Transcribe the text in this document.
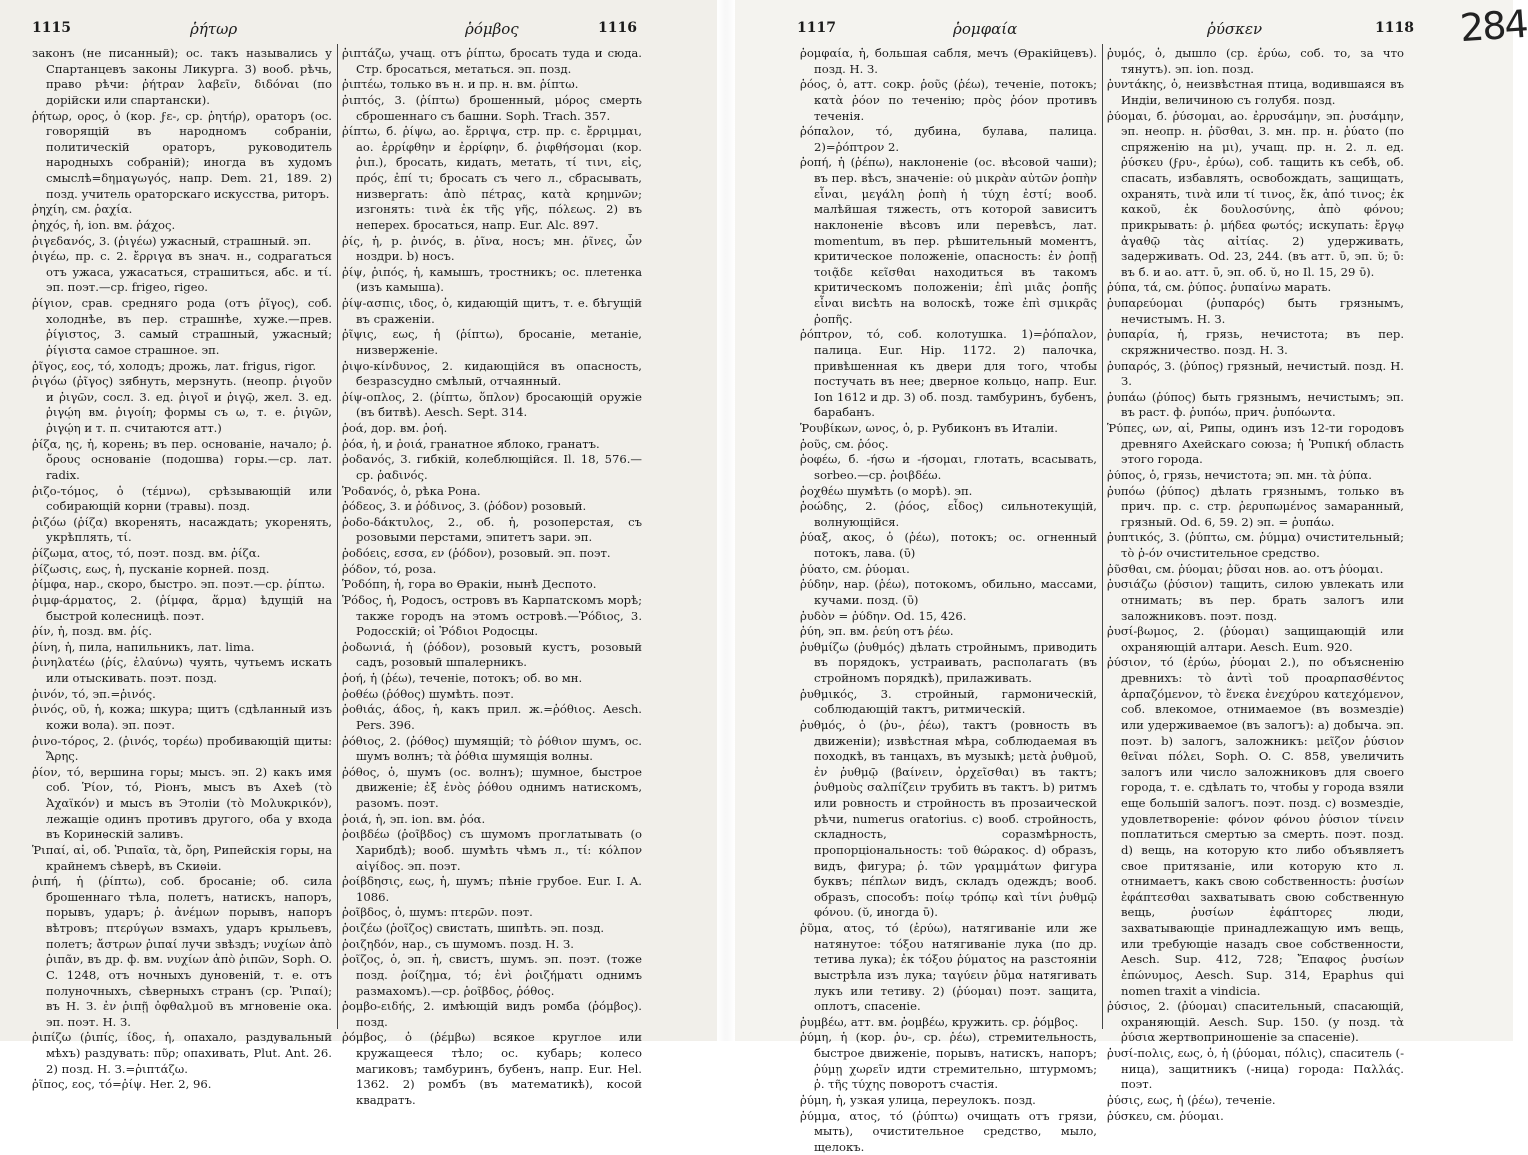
1115	ῥήτωρ	ῥόμβος	1116

законъ (не писанный); ос. такъ назывались у Спартанцевъ законы Ликурга. 3) вооб. рѣчь, право рѣчи: ῥήτραν λαβεῖν, διδόναι (по дорійски или спартански).

ῥήτωρ, ορος, ὁ (кор. ϝε-, ср. ῥητήρ), ораторъ (ос. говорящій въ народномъ собраніи, политическій ораторъ, руководитель народныхъ собраній); иногда въ худомъ смыслѣ=δημαγωγός, напр. Dem. 21, 189. 2) позд. учитель ораторскаго искусства, риторъ.

ῥηχίη, см. ῥαχία.

ῥηχός, ἡ, ion. вм. ῥάχος.

ῥιγεδανός, 3. (ῥιγέω) ужасный, страшный. эп.

ῥιγέω, пр. с. 2. ἔρριγα въ знач. н., содрагаться отъ ужаса, ужасаться, страшиться, абс. и τί. эп. поэт.—ср. frigeo, rigeo.

ῥίγιον, срав. средняго рода (отъ ῥῖγος), соб. холоднѣе, въ пер. страшнѣе, хуже.—прев. ῥίγιστος, 3. самый страшный, ужасный; ῥίγιστα самое страшное. эп.

ῥῖγος, εος, τό, холодъ; дрожь, лат. frigus, rigor.

ῥιγόω (ῥῖγος) зябнуть, мерзнуть. (неопр. ῥιγοῦν и ῥιγῶν, сосл. 3. ед. ῥιγοῖ и ῥιγῷ, жел. 3. ед. ῥιγῴη вм. ῥιγοίη; формы съ ω, т. е. ῥιγῶν, ῥιγῴη и т. п. считаются атт.)

ῥίζα, ης, ἡ, корень; въ пер. основаніе, начало; ῥ. ὄρους основаніе (подошва) горы.—ср. лат. radix.

ῥιζο-τόμος, ὁ (τέμνω), срѣзывающій или собирающій корни (травы). позд.

ῥιζόω (ῥίζα) вкоренять, насаждать; укоренять, укрѣплять, τί.

ῥίζωμα, ατος, τό, поэт. позд. вм. ῥίζα.

ῥίζωσις, εως, ἡ, пусканіе корней. позд.

ῥίμφα, нар., скоро, быстро. эп. поэт.—ср. ῥίπτω.

ῥιμφ-άρματος, 2. (ῥίμφα, ἅρμα) ѣдущій на быстрой колесницѣ. поэт.

ῥίν, ἡ, позд. вм. ῥίς.

ῥίνη, ἡ, пила, напильникъ, лат. lima.

ῥινηλατέω (ῥίς, ἐλαύνω) чуять, чутьемъ искать или отыскивать. поэт. позд.

ῥινόν, τό, эп.=ῥινός.

ῥινός, οῦ, ἡ, кожа; шкура; щитъ (сдѣланный изъ кожи вола). эп. поэт.

ῥινο-τόρος, 2. (ῥινός, τορέω) пробивающій щиты: Ἄρης.

ῥίον, τό, вершина горы; мысъ. эп. 2) какъ имя соб. Ῥίον, τό, Ріонъ, мысъ въ Ахеѣ (τὸ Ἀχαϊκόν) и мысъ въ Этоліи (τὸ Μολυκρικόν), лежащіе одинъ противъ другого, оба у входа въ Коринѳскій заливъ.

Ῥιπαί, αἱ, об. Ῥιπαῖα, τὰ, ὄρη, Рипейскія горы, на крайнемъ сѣверѣ, въ Скиѳіи.

ῥιπή, ἡ (ῥίπτω), соб. бросаніе; об. сила брошеннаго тѣла, полетъ, натискъ, напоръ, порывъ, ударъ; ῥ. ἀνέμων порывъ, напоръ вѣтровъ; πτερύγων взмахъ, ударъ крыльевъ, полетъ; ἄστρων ῥιπαί лучи звѣздъ; νυχίων ἀπὸ ῥιπᾶν, въ др. ф. вм. νυχίων ἀπὸ ῥιπῶν, Soph. O. C. 1248, отъ ночныхъ дуновеній, т. е. отъ полуночныхъ, сѣверныхъ странъ (ср. Ῥιπαί); въ Н. З. ἐν ῥιπῇ ὀφθαλμοῦ въ мгновеніе ока. эп. поэт. Н. З.

ῥιπίζω (ῥιπίς, ίδος, ἡ, опахало, раздувальный мѣхъ) раздувать: πῦρ; опахивать, Plut. Ant. 26. 2) позд. Н. З.=ῥιπτάζω.

ῥῖπος, εος, τό=ῥίψ. Her. 2, 96.

ῥιπτάζω, учащ. отъ ῥίπτω, бросать туда и сюда. Стр. бросаться, метаться. эп. позд.

ῥιπτέω, только въ н. и пр. н. вм. ῥίπτω.

ῥιπτός, 3. (ῥίπτω) брошенный, μόρος смерть сброшеннаго съ башни. Soph. Trach. 357.

ῥίπτω, б. ῥίψω, ао. ἔρριψα, стр. пр. с. ἔρριμμαι, ао. ἐρρίφθην и ἐρρίφην, б. ῥιφθήσομαι (кор. ῥιπ.), бросать, кидать, метать, τί τινι, εἰς, πρός, ἐπί τι; бросать съ чего л., сбрасывать, низвергать: ἀπὸ πέτρας, κατὰ κρημνῶν; изгонять: τινὰ ἐκ τῆς γῆς, πόλεως. 2) въ неперех. бросаться, напр. Eur. Alc. 897.

ῥίς, ἡ, р. ῥινός, в. ῥῖνα, носъ; мн. ῥῖνες, ὧν ноздри. b) носъ.

ῥίψ, ῥιπός, ἡ, камышъ, тростникъ; ос. плетенка (изъ камыша).

ῥίψ-ασπις, ιδος, ὁ, кидающій щитъ, т. е. бѣгущій въ сраженіи.

ῥῖψις, εως, ἡ (ῥίπτω), бросаніе, метаніе, низверженіе.

ῥιψο-κίνδυνος, 2. кидающійся въ опасность, безразсудно смѣлый, отчаянный.

ῥίψ-οπλος, 2. (ῥίπτω, ὅπλον) бросающій оружіе (въ битвѣ). Aesch. Sept. 314.

ῥοά, дор. вм. ῥοή.

ῥόα, ἡ, и ῥοιά, гранатное яблоко, гранатъ.

ῥοδανός, 3. гибкій, колеблющійся. Il. 18, 576.—ср. ῥαδινός.

Ῥοδανός, ὁ, рѣка Рона.

ῥόδεος, 3. и ῥόδινος, 3. (ῥόδον) розовый.

ῥοδο-δάκτυλος, 2., об. ἡ, розоперстая, съ розовыми перстами, эпитетъ зари. эп.

ῥοδόεις, εσσα, εν (ῥόδον), розовый. эп. поэт.

ῥόδον, τό, роза.

Ῥοδόπη, ἡ, гора во Ѳракіи, нынѣ Деспото.

Ῥόδος, ἡ, Родосъ, островъ въ Карпатскомъ морѣ; также городъ на этомъ островѣ.—Ῥόδιος, 3. Родосскій; οἱ Ῥόδιοι Родосцы.

ῥοδωνιά, ἡ (ῥόδον), розовый кустъ, розовый садъ, розовый шпалерникъ.

ῥοή, ἡ (ῥέω), теченіе, потокъ; об. во мн.

ῥοθέω (ῥόθος) шумѣть. поэт.

ῥοθιάς, άδος, ἡ, какъ прил. ж.=ῥόθιος. Aesch. Pers. 396.

ῥόθιος, 2. (ῥόθος) шумящій; τὸ ῥόθιον шумъ, ос. шумъ волнъ; τὰ ῥόθια шумящія волны.

ῥόθος, ὁ, шумъ (ос. волнъ); шумное, быстрое движеніе; ἐξ ἑνὸς ῥόθου однимъ натискомъ, разомъ. поэт.

ῥοιά, ἡ, эп. ion. вм. ῥόα.

ῥοιβδέω (ῥοῖβδος) съ шумомъ проглатывать (о Харибдѣ); вооб. шумѣть чѣмъ л., τί: κόλπον αἰγίδος. эп. поэт.

ῥοίβδησις, εως, ἡ, шумъ; пѣніе грубое. Eur. I. A. 1086.

ῥοῖβδος, ὁ, шумъ: πτερῶν. поэт.

ῥοιζέω (ῥοῖζος) свистать, шипѣть. эп. позд.

ῥοιζηδόν, нар., съ шумомъ. позд. Н. З.

ῥοῖζος, ὁ, эп. ἡ, свистъ, шумъ. эп. поэт. (тоже позд. ῥοίζημα, τό; ἐνὶ ῥοιζήματι однимъ размахомъ).—ср. ῥοῖβδος, ῥόθος.

ῥομβο-ειδής, 2. имѣющій видъ ромба (ῥόμβος). позд.

ῥόμβος, ὁ (ῥέμβω) всякое круглое или кружащееся тѣло; ос. кубарь; колесо магиковъ; тамбуринъ, бубенъ, напр. Eur. Hel. 1362. 2) ромбъ (въ математикѣ), косой квадратъ.

1117	ῥομφαία	ῥύσκεν	1118

ῥομφαία, ἡ, большая сабля, мечъ (Ѳракійцевъ). позд. Н. З.

ῥόος, ὁ, атт. сокр. ῥοῦς (ῥέω), теченіе, потокъ; κατὰ ῥόον по теченію; πρὸς ῥόον противъ теченія.

ῥόπαλον, τό, дубина, булава, палица. 2)=ῥόπτρον 2.

ῥοπή, ἡ (ῥέπω), наклоненіе (ос. вѣсовой чаши); въ пер. вѣсъ, значеніе: οὐ μικρὰν αὐτῶν ῥοπὴν εἶναι, μεγάλη ῥοπὴ ἡ τύχη ἐστί; вооб. малѣйшая тяжесть, отъ которой зависитъ наклоненіе вѣсовъ или перевѣсъ, лат. momentum, въ пер. рѣшительный моментъ, критическое положеніе, опасность: ἐν ῥοπῇ τοιᾷδε κεῖσθαι находиться въ такомъ критическомъ положеніи; ἐπὶ μιᾶς ῥοπῆς εἶναι висѣть на волоскѣ, тоже ἐπὶ σμικρᾶς ῥοπῆς.

ῥόπτρον, τό, соб. колотушка. 1)=ῥόπαλον, палица. Eur. Hip. 1172. 2) палочка, привѣшенная къ двери для того, чтобы постучать въ нее; дверное кольцо, напр. Eur. Ion 1612 и др. 3) об. позд. тамбуринъ, бубенъ, барабанъ.

Ῥουβίκων, ωνος, ὁ, р. Рубиконъ въ Италіи.

ῥοῦς, см. ῥόος.

ῥοφέω, б. -ήσω и -ήσομαι, глотать, всасывать, sorbeo.—ср. ῥοιβδέω.

ῥοχθέω шумѣть (о морѣ). эп.

ῥοώδης, 2. (ῥόος, εἶδος) сильнотекущій, волнующійся.

ῥύαξ, ακος, ὁ (ῥέω), потокъ; ос. огненный потокъ, лава. (ῡ)

ῥύατο, см. ῥύομαι.

ῥύδην, нар. (ῥέω), потокомъ, обильно, массами, кучами. позд. (ῡ)

ῥυδὸν = ῥύδην. Od. 15, 426.

ῥύη, эп. вм. ῥεύη отъ ῥέω.

ῥυθμίζω (ῥυθμός) дѣлать стройнымъ, приводить въ порядокъ, устраивать, располагать (въ стройномъ порядкѣ), прилаживать.

ῥυθμικός, 3. стройный, гармоническій, соблюдающій тактъ, ритмическій.

ῥυθμός, ὁ (ῥυ-, ῥέω), тактъ (ровность въ движеніи); извѣстная мѣра, соблюдаемая въ походкѣ, въ танцахъ, въ музыкѣ; μετὰ ῥυθμοῦ, ἐν ῥυθμῷ (βαίνειν, ὀρχεῖσθαι) въ тактъ; ῥυθμοὺς σαλπίζειν трубить въ тактъ. b) ритмъ или ровность и стройность въ прозаической рѣчи, numerus oratorius. c) вооб. стройность, складность, соразмѣрность, пропорціональность: τοῦ θώρακος. d) образъ, видъ, фигура; ῥ. τῶν γραμμάτων фигура буквъ; πέπλων видъ, складъ одеждъ; вооб. образъ, способъ: ποίῳ τρόπῳ καὶ τίνι ῥυθμῷ φόνου. (ῠ, иногда ῡ).

ῥῦμα, ατος, τό (ἐρύω), натягиваніе или же натянутое: τόξου натягиваніе лука (по др. тетива лука); ἐκ τόξου ῥύματος на разстояніи выстрѣла изъ лука; ταγύειν ῥῦμα натягивать лукъ или тетиву. 2) (ῥύομαι) поэт. защита, оплотъ, спасеніе.

ῥυμβέω, атт. вм. ῥομβέω, кружить. ср. ῥόμβος.

ῥύμη, ἡ (кор. ῥυ-, ср. ῥέω), стремительность, быстрое движеніе, порывъ, натискъ, напоръ; ῥύμῃ χωρεῖν идти стремительно, штурмомъ; ῥ. τῆς τύχης поворотъ счастія.

ῥύμη, ἡ, узкая улица, переулокъ. позд.

ῥύμμα, ατος, τό (ῥύπτω) очищать отъ грязи, мыть), очистительное средство, мыло, щелокъ.

ῥυμός, ὁ, дышло (ср. ἐρύω, соб. то, за что тянутъ). эп. ion. позд.

ῥυντάκης, ὁ, неизвѣстная птица, водившаяся въ Индіи, величиною съ голубя. позд.

ῥύομαι, б. ῥύσομαι, ао. ἐρρυσάμην, эп. ῥυσάμην, эп. неопр. н. ῥῦσθαι, 3. мн. пр. н. ῥύατο (по спряженію на μι), учащ. пр. н. 2. л. ед. ῥύσκευ (ϝρυ-, ἐρύω), соб. тащить къ себѣ, об. спасать, избавлять, освобождать, защищать, охранять, τινὰ или τί τινος, ἔκ, ἀπό τινος; ἐκ κακοῦ, ἐκ δουλοσύνης, ἀπὸ φόνου; прикрывать: ῥ. μήδεα φωτός; искупать: ἔργῳ ἀγαθῷ τὰς αἰτίας. 2) удерживать, задерживать. Od. 23, 244. (въ атт. ῡ, эп. ῠ; ῡ: въ б. и ао. атт. ῡ, эп. об. ῠ, но Il. 15, 29 ῡ).

ῥύπα, τά, см. ῥύπος. ῥυπαίνω марать.

ῥυπαρεύομαι (ῥυπαρός) быть грязнымъ, нечистымъ. Н. З.

ῥυπαρία, ἡ, грязь, нечистота; въ пер. скряжничество. позд. Н. З.

ῥυπαρός, 3. (ῥύπος) грязный, нечистый. позд. Н. З.

ῥυπάω (ῥύπος) быть грязнымъ, нечистымъ; эп. въ раст. ф. ῥυπόω, прич. ῥυπόωντα.

Ῥύπες, ων, αἱ, Рипы, одинъ изъ 12-ти городовъ древняго Ахейскаго союза; ἡ Ῥυπική область этого города.

ῥύπος, ὁ, грязь, нечистота; эп. мн. τὰ ῥύπα.

ῥυπόω (ῥύπος) дѣлать грязнымъ, только въ прич. пр. с. стр. ῥερυπωμένος замаранный, грязный. Od. 6, 59. 2) эп. = ῥυπάω.

ῥυπτικός, 3. (ῥύπτω, см. ῥύμμα) очистительный; τὸ ῥ-όν очистительное средство.

ῥῦσθαι, см. ῥύομαι; ῥῦσαι нов. ао. отъ ῥύομαι.

ῥυσιάζω (ῥύσιον) тащить, силою увлекать или отнимать; въ пер. брать залогъ или заложниковъ. поэт. позд.

ῥυσί-βωμος, 2. (ῥύομαι) защищающій или охраняющій алтари. Aesch. Eum. 920.

ῥύσιον, τό (ἐρύω, ῥύομαι 2.), по объясненію древнихъ: τὸ ἀντὶ τοῦ προαρπασθέντος ἁρπαζόμενον, τὸ ἕνεκα ἐνεχύρου κατεχόμενον, соб. влекомое, отнимаемое (въ возмездіе) или удерживаемое (въ залогъ): а) добыча. эп. поэт. b) залогъ, заложникъ: μεῖζον ῥύσιον θεῖναι πόλει, Soph. O. C. 858, увеличить залогъ или число заложниковъ для своего города, т. е. сдѣлать то, чтобы у города взяли еще большій залогъ. поэт. позд. c) возмездіе, удовлетвореніе: φόνον φόνου ῥύσιον τίνειν поплатиться смертью за смерть. поэт. позд. d) вещь, на которую кто либо объявляетъ свое притязаніе, или которую кто л. отнимаетъ, какъ свою собственность: ῥυσίων ἐφάπτεσθαι захватывать свою собственную вещь, ῥυσίων ἐφάπτορες люди, захватывающіе принадлежащую имъ вещь, или требующіе назадъ свое собственности, Aesch. Sup. 412, 728; Ἔπαφος ῥυσίων ἐπώνυμος, Aesch. Sup. 314, Epaphus qui nomen traxit a vindicia.

ῥύσιος, 2. (ῥύομαι) спасительный, спасающій, охраняющій. Aesch. Sup. 150. (у позд. τὰ ῥύσια жертвоприношеніе за спасеніе).

ῥυσί-πολις, εως, ὁ, ἡ (ῥύομαι, πόλις), спаситель (-ница), защитникъ (-ница) города: Παλλάς. поэт.

ῥύσις, εως, ἡ (ῥέω), теченіе.

ῥύσκευ, см. ῥύομαι.

284
